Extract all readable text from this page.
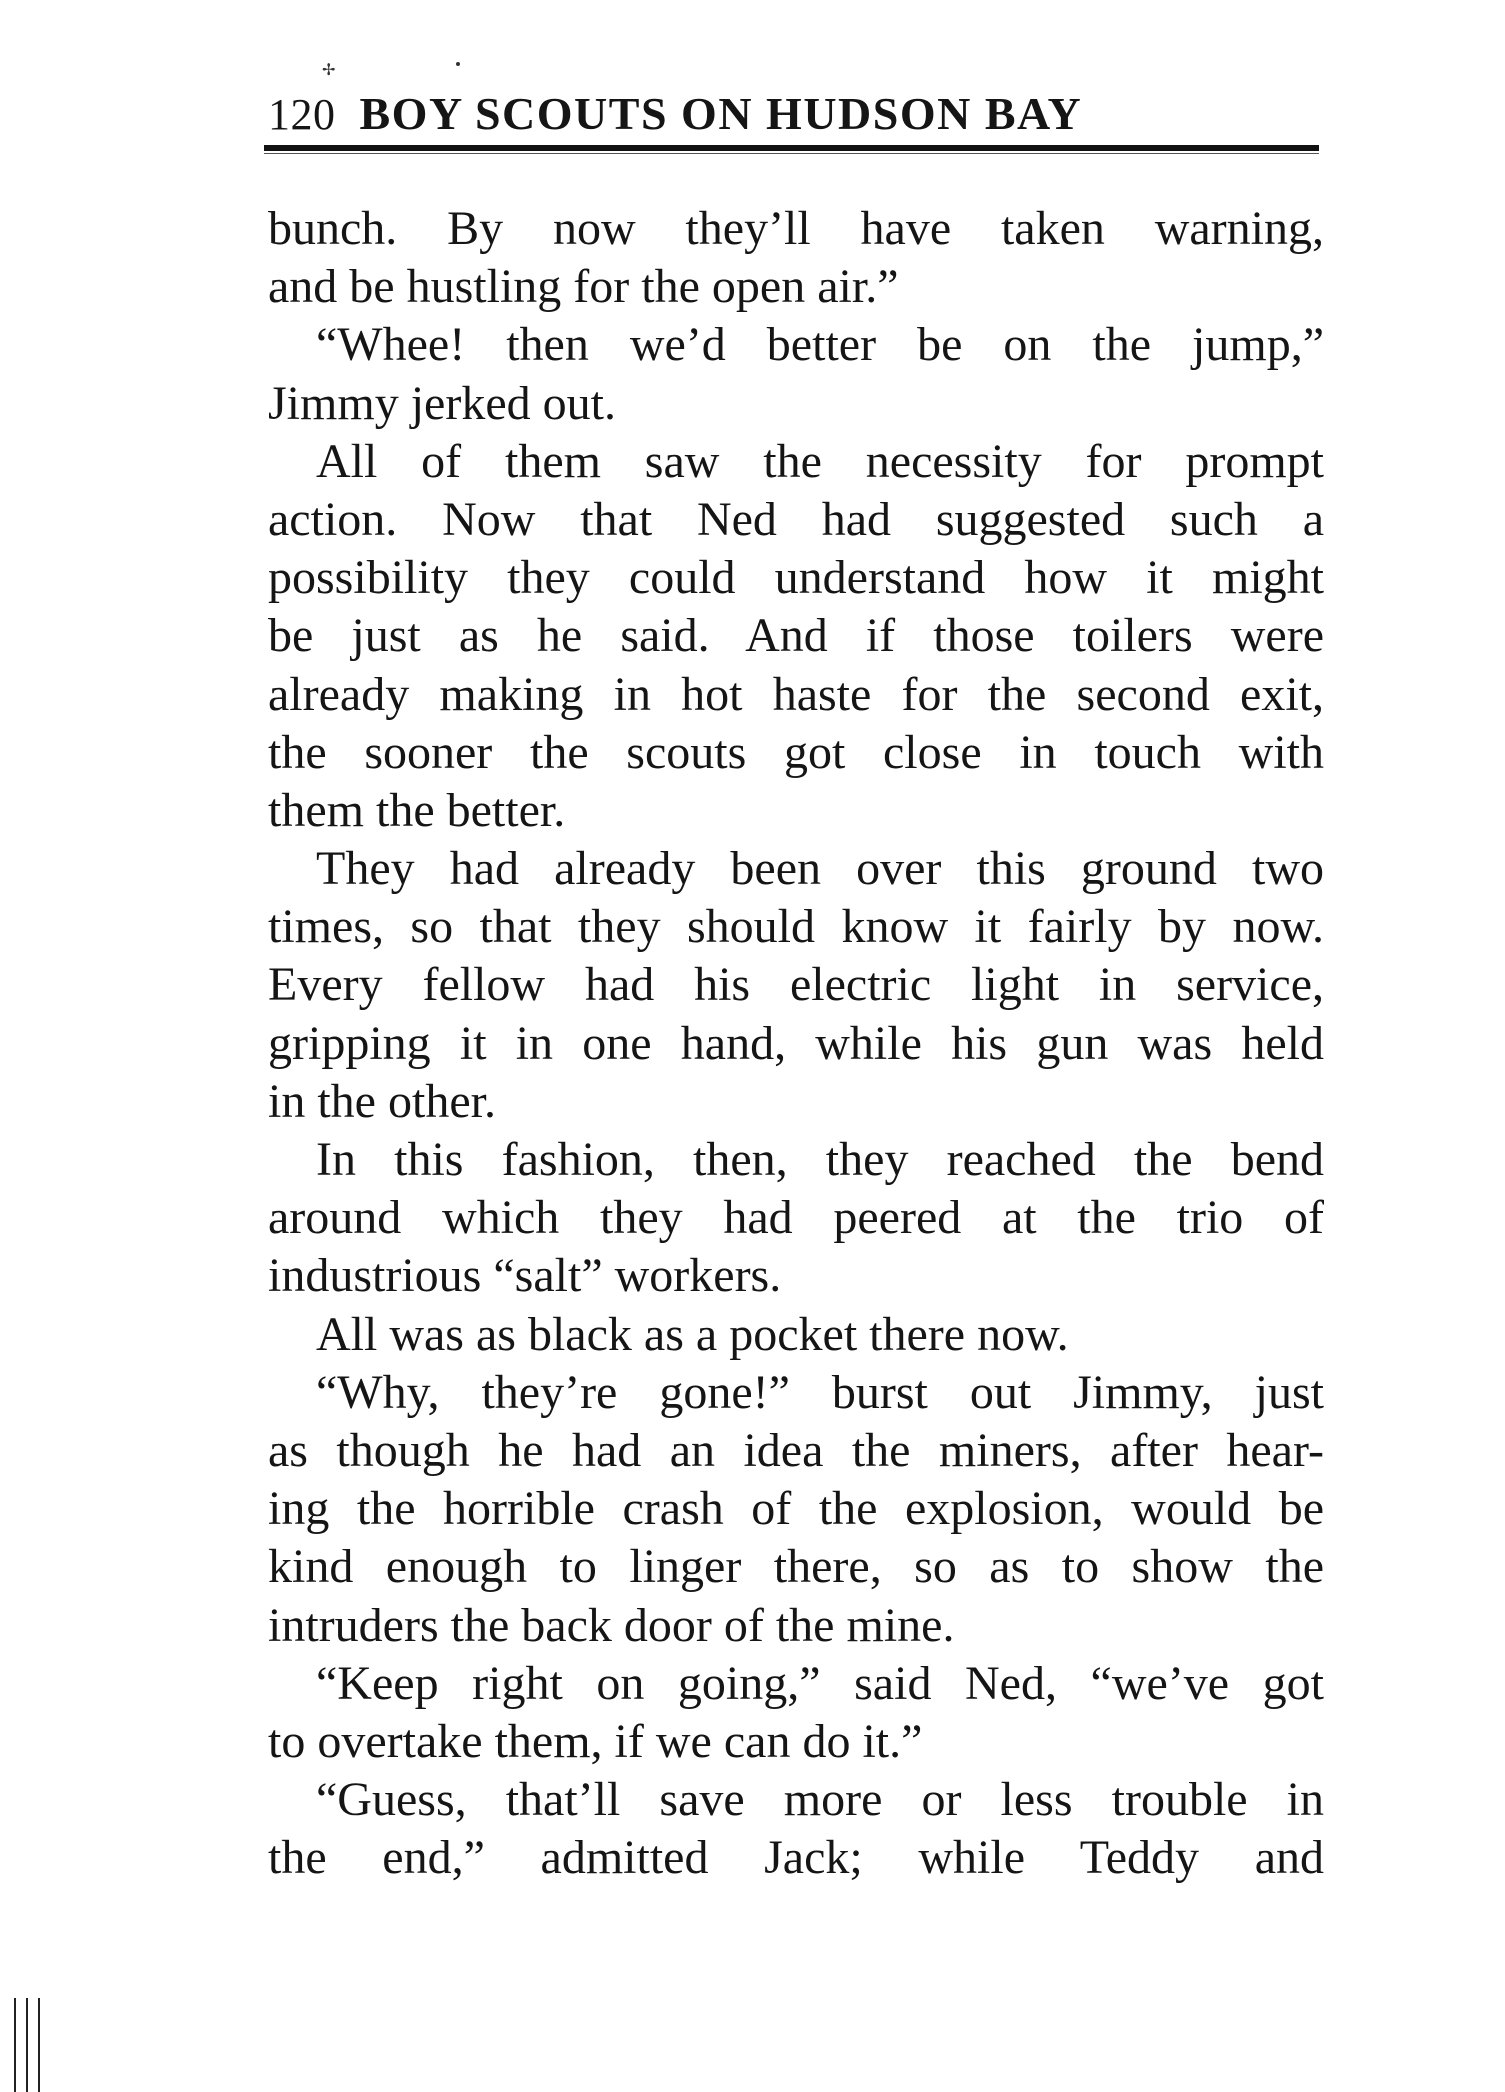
✢
120 BOY SCOUTS ON HUDSON BAY
bunch. By now they’ll have taken warning,
and be hustling for the open air.”
“Whee! then we’d better be on the jump,”
Jimmy jerked out.
All of them saw the necessity for prompt
action. Now that Ned had suggested such a
possibility they could understand how it might
be just as he said. And if those toilers were
already making in hot haste for the second exit,
the sooner the scouts got close in touch with
them the better.
They had already been over this ground two
times, so that they should know it fairly by now.
Every fellow had his electric light in service,
gripping it in one hand, while his gun was held
in the other.
In this fashion, then, they reached the bend
around which they had peered at the trio of
industrious “salt” workers.
All was as black as a pocket there now.
“Why, they’re gone!” burst out Jimmy, just
as though he had an idea the miners, after hear-
ing the horrible crash of the explosion, would be
kind enough to linger there, so as to show the
intruders the back door of the mine.
“Keep right on going,” said Ned, “we’ve got
to overtake them, if we can do it.”
“Guess, that’ll save more or less trouble in
the end,” admitted Jack; while Teddy and
